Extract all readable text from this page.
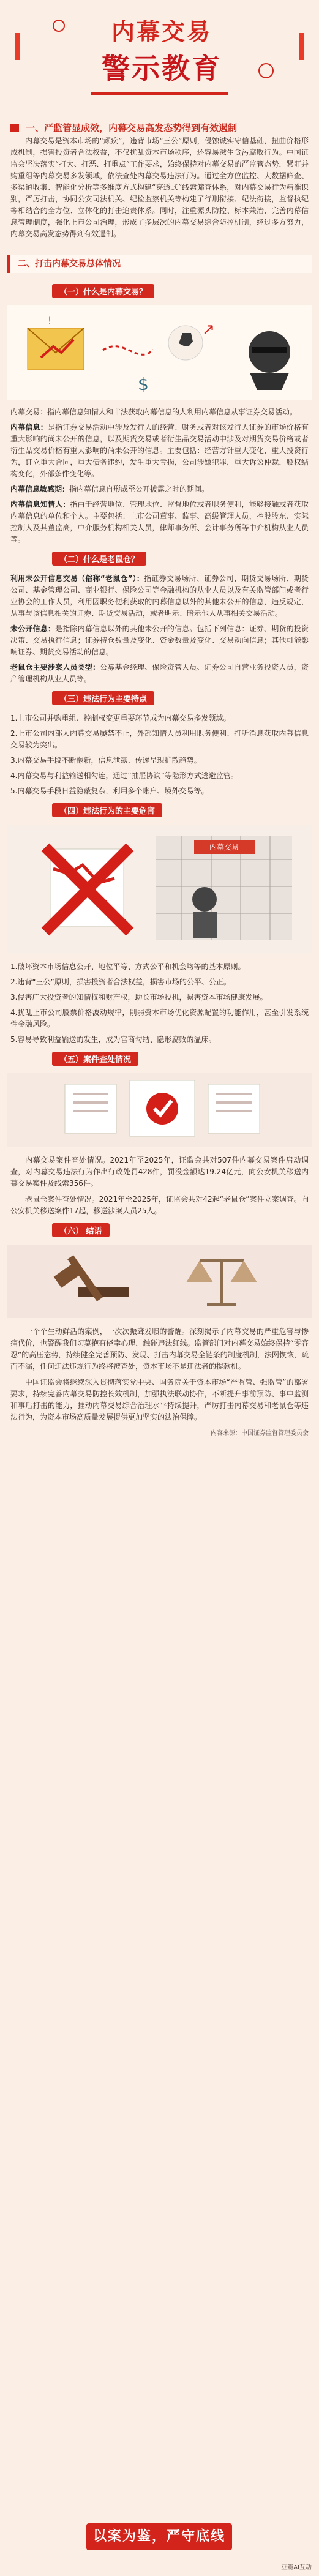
内幕交易
警示教育
一、严监管显成效，内幕交易高发态势得到有效遏制

内幕交易是资本市场的“顽疾”，违背市场“三公”原则，侵蚀诚实守信基础，扭曲价格形成机制，损害投资者合法权益，不仅扰乱资本市场秩序，还容易滋生贪污腐败行为。中国证监会坚决落实“打大、打恶、打重点”工作要求，始终保持对内幕交易的严监管态势，紧盯并购重组等内幕交易多发领域，依法查处内幕交易违法行为。通过全方位监控、大数据筛查、多渠道收集、智能化分析等多维度方式构建“穿透式”线索筛查体系，对内幕交易行为精准识别，严厉打击，协同公安司法机关、纪检监察机关等构建了行刑衔接、纪法衔接，监督执纪等相结合的全方位、立体化的打击追责体系。同时，注重源头防控、标本兼治，完善内幕信息管理制度，强化上市公司治理，形成了多层次的内幕交易综合防控机制，经过多方努力，内幕交易高发态势得到有效遏制。

二、打击内幕交易总体情况
（一）什么是内幕交易？
!	↗
$

内幕交易：指内幕信息知情人和非法获取内幕信息的人利用内幕信息从事证券交易活动。

内幕信息：是指证券交易活动中涉及发行人的经营、财务或者对该发行人证券的市场价格有重大影响的尚未公开的信息，以及期货交易或者衍生品交易活动中涉及对期货交易价格或者衍生品交易价格有重大影响的尚未公开的信息。主要包括：经营方针重大变化，重大投资行为，订立重大合同，重大债务违约，发生重大亏损，公司涉嫌犯罪，重大诉讼仲裁，股权结构变化，外部条件变化等。

内幕信息敏感期：指内幕信息自形成至公开披露之时的期间。

内幕信息知情人：指由于经营地位、管理地位、监督地位或者职务便利，能够接触或者获取内幕信息的单位和个人。主要包括：上市公司董事、监事、高级管理人员，控股股东、实际控制人及其董监高，中介服务机构相关人员，律师事务所、会计事务所等中介机构从业人员等。

（二）什么是老鼠仓？

利用未公开信息交易（俗称“老鼠仓”）：指证券交易场所、证券公司、期货交易场所、期货公司、基金管理公司、商业银行、保险公司等金融机构的从业人员以及有关监管部门或者行业协会的工作人员，利用因职务便利获取的内幕信息以外的其他未公开的信息，违反规定，从事与该信息相关的证券、期货交易活动，或者明示、暗示他人从事相关交易活动。

未公开信息：是指除内幕信息以外的其他未公开的信息。包括下列信息：证券、期货的投资决策、交易执行信息；证券持仓数量及变化、资金数量及变化、交易动向信息；其他可能影响证券、期货交易活动的信息。

老鼠仓主要涉案人员类型：公募基金经理、保险资管人员、证券公司自营业务投资人员，资产管理机构从业人员等。

（三）违法行为主要特点

1.上市公司并购重组、控制权变更重要环节成为内幕交易多发领域。

2.上市公司内部人内幕交易屡禁不止，外部知情人员利用职务便利、打听消息获取内幕信息交易较为突出。

3.内幕交易手段不断翻新，信息泄露、传递呈现扩散趋势。

4.内幕交易与利益输送相勾连，通过“抽屉协议”等隐形方式逃避监管。

5.内幕交易手段日益隐蔽复杂，利用多个账户、境外交易等。

（四）违法行为的主要危害
内幕交易

1.破坏资本市场信息公开、地位平等、方式公平和机会均等的基本原则。

2.违背“三公”原则，损害投资者合法权益，损害市场的公平、公正。

3.侵害广大投资者的知情权和财产权，助长市场投机，损害资本市场健康发展。

4.扰乱上市公司股票价格波动规律，削弱资本市场优化资源配置的功能作用，甚至引发系统性金融风险。

5.容易导致利益输送的发生，成为官商勾结、隐形腐败的温床。

（五）案件查处情况

内幕交易案件查处情况。2021年至2025年，证监会共对507件内幕交易案件启动调查，对内幕交易违法行为作出行政处罚428件，罚没金额达19.24亿元，向公安机关移送内幕交易案件及线索356件。

老鼠仓案件查处情况。2021年至2025年，证监会共对42起“老鼠仓”案件立案调查。向公安机关移送案件17起，移送涉案人员25人。

（六） 结语

一个个生动鲜活的案例，一次次振聋发聩的警醒。深刻揭示了内幕交易的严重危害与惨痛代价，也警醒我们切莫抱有侥幸心理，触碰违法红线。监管部门对内幕交易始终保持“零容忍”的高压态势，持续健全完善预防、发现、打击内幕交易全链条的制度机制，法网恢恢，疏而不漏，任何违法违规行为终将被查处，资本市场不是违法者的提款机。

中国证监会将继续深入贯彻落实党中央、国务院关于资本市场“严监管、强监管”的部署要求，持续完善内幕交易防控长效机制，加强执法联动协作，不断提升事前预防、事中监测和事后打击的能力，推动内幕交易综合治理水平持续提升，严厉打击内幕交易和老鼠仓等违法行为，为资本市场高质量发展提供更加坚实的法治保障。

内容来源：中国证券监督管理委员会

以案为鉴，严守底线
豆瓣AI互动
